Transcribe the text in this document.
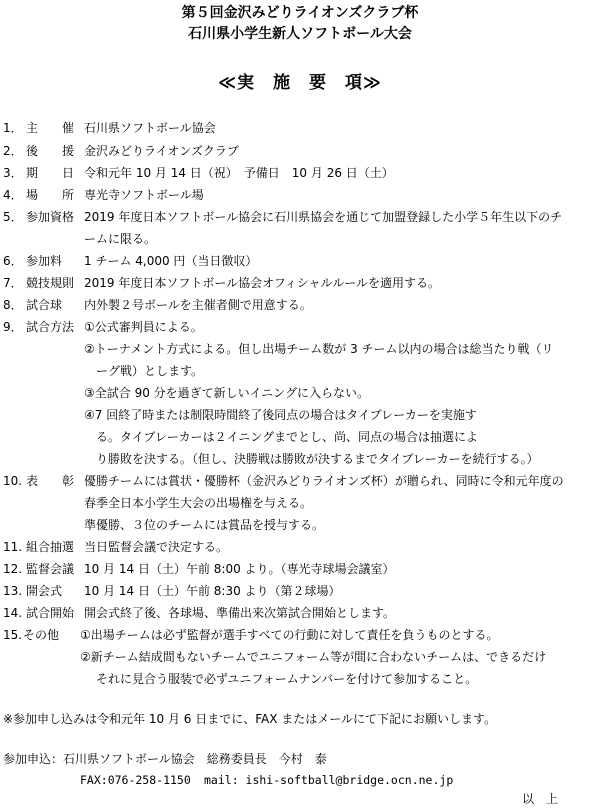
第５回金沢みどりライオンズクラブ杯
石川県小学生新人ソフトボール大会
≪実　施　要　項≫
1． 主　　催 石川県ソフトボール協会
2． 後　　援 金沢みどりライオンズクラブ
3． 期　　日 令和元年 10 月 14 日（祝）　予備日　10 月 26 日（土）
4． 場　　所 専光寺ソフトボール場
5． 参加資格 2019 年度日本ソフトボール協会に石川県協会を通じて加盟登録した小学５年生以下のチ
ームに限る。
6． 参加料 1 チーム 4,000 円（当日徴収）
7． 競技規則 2019 年度日本ソフトボール協会オフィシャルルールを適用する。
8． 試合球 内外製２号ボールを主催者側で用意する。
9． 試合方法 ①公式審判員による。
②トーナメント方式による。但し出場チーム数が 3 チーム以内の場合は総当たり戦（リ
ーグ戦）とします。
③全試合 90 分を過ぎて新しいイニングに入らない。
④7 回終了時または制限時間終了後同点の場合はタイブレーカーを実施す
る。タイブレーカーは２イニングまでとし、尚、同点の場合は抽選によ
り勝敗を決する。（但し、決勝戦は勝敗が決するまでタイブレーカーを続行する。）
10. 表　　彰 優勝チームには賞状・優勝杯（金沢みどりライオンズ杯）が贈られ、同時に令和元年度の
春季全日本小学生大会の出場権を与える。
準優勝、３位のチームには賞品を授与する。
11. 組合抽選 当日監督会議で決定する。
12. 監督会議 10 月 14 日（土）午前 8:00 より。（専光寺球場会議室）
13. 開会式 10 月 14 日（土）午前 8:30 より（第２球場）
14. 試合開始 開会式終了後、各球場、準備出来次第試合開始とします。
15. その他 ①出場チームは必ず監督が選手すべての行動に対して責任を負うものとする。
②新チーム結成間もないチームでユニフォーム等が間に合わないチームは、できるだけ
それに見合う服装で必ずユニフォームナンバーを付けて参加すること。
※参加申し込みは令和元年 10 月 6 日までに、FAX またはメールにて下記にお願いします。
参加申込：石川県ソフトボール協会　総務委員長　今村　泰
FAX:076-258-1150 mail: ishi-softball@bridge.ocn.ne.jp
以　上
